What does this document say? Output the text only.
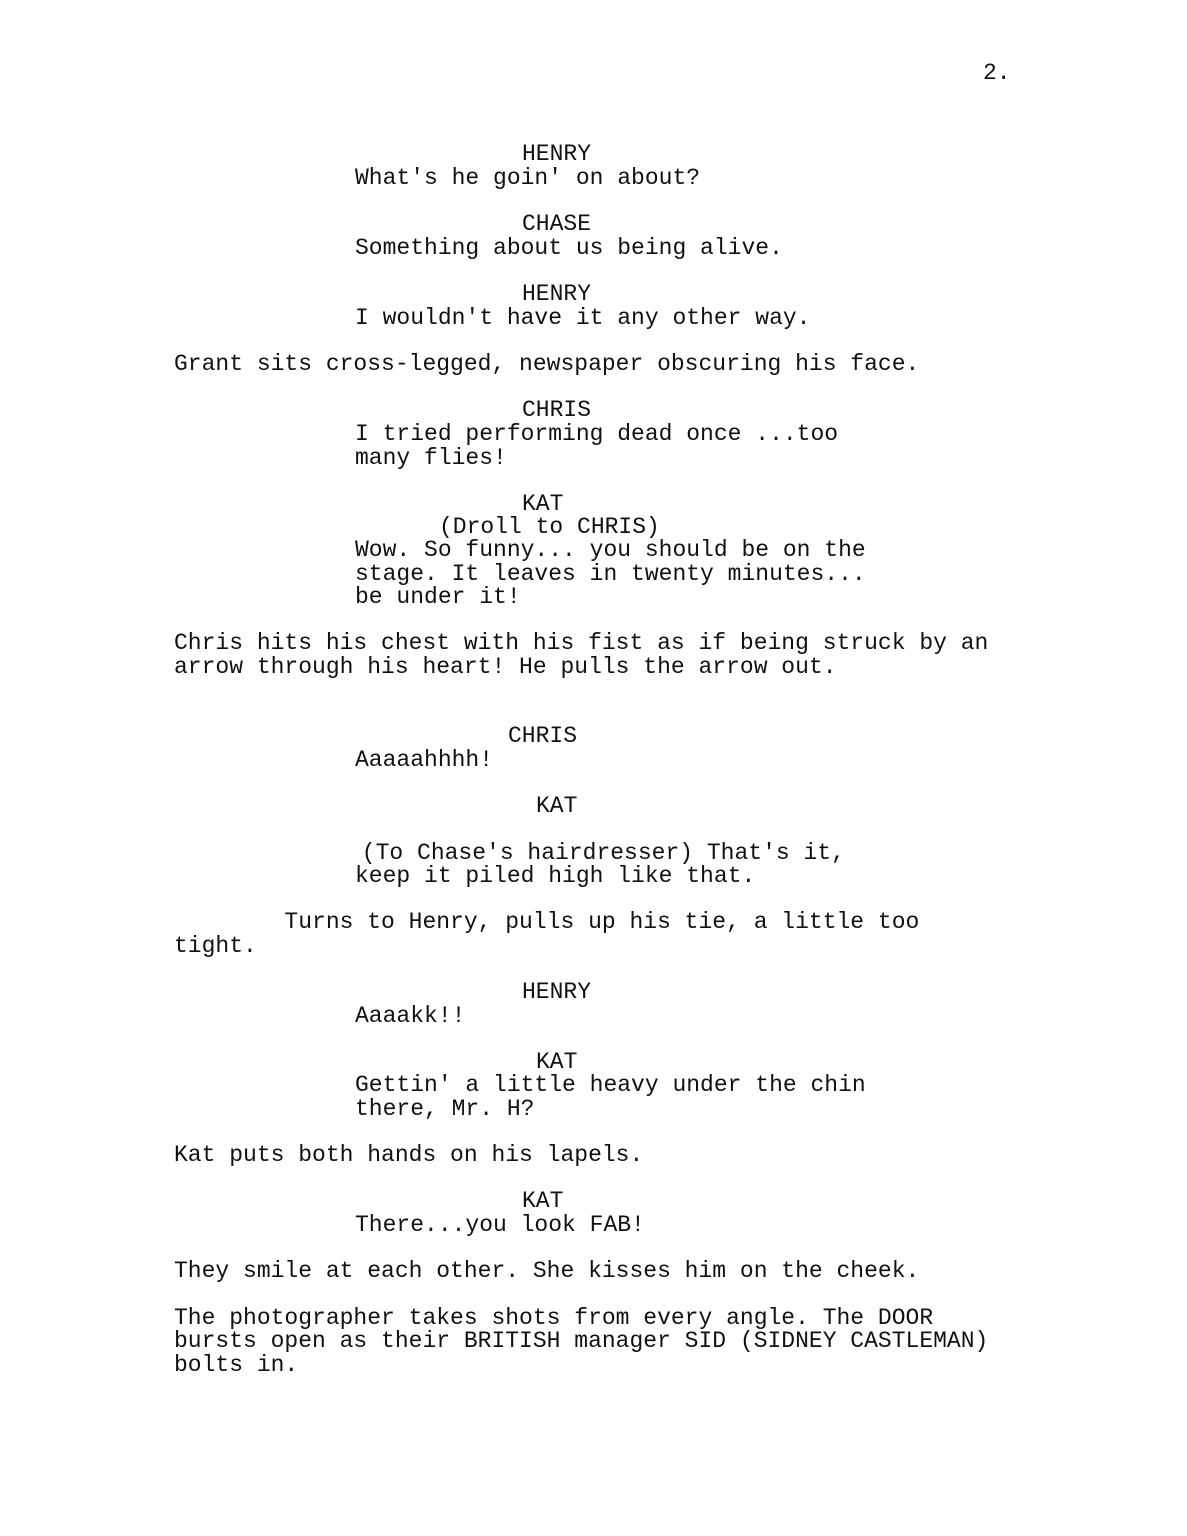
2.
HENRY
What's he goin' on about?
CHASE
Something about us being alive.
HENRY
I wouldn't have it any other way.
Grant sits cross-legged, newspaper obscuring his face.
CHRIS
I tried performing dead once ...too
many flies!
KAT
(Droll to CHRIS)
Wow. So funny... you should be on the
stage. It leaves in twenty minutes...
be under it!
Chris hits his chest with his fist as if being struck by an
arrow through his heart! He pulls the arrow out.
CHRIS
Aaaaahhhh!
KAT
(To Chase's hairdresser) That's it,
keep it piled high like that.
Turns to Henry, pulls up his tie, a little too
tight.
HENRY
Aaaakk!!
KAT
Gettin' a little heavy under the chin
there, Mr. H?
Kat puts both hands on his lapels.
KAT
There...you look FAB!
They smile at each other. She kisses him on the cheek.
The photographer takes shots from every angle. The DOOR
bursts open as their BRITISH manager SID (SIDNEY CASTLEMAN)
bolts in.
